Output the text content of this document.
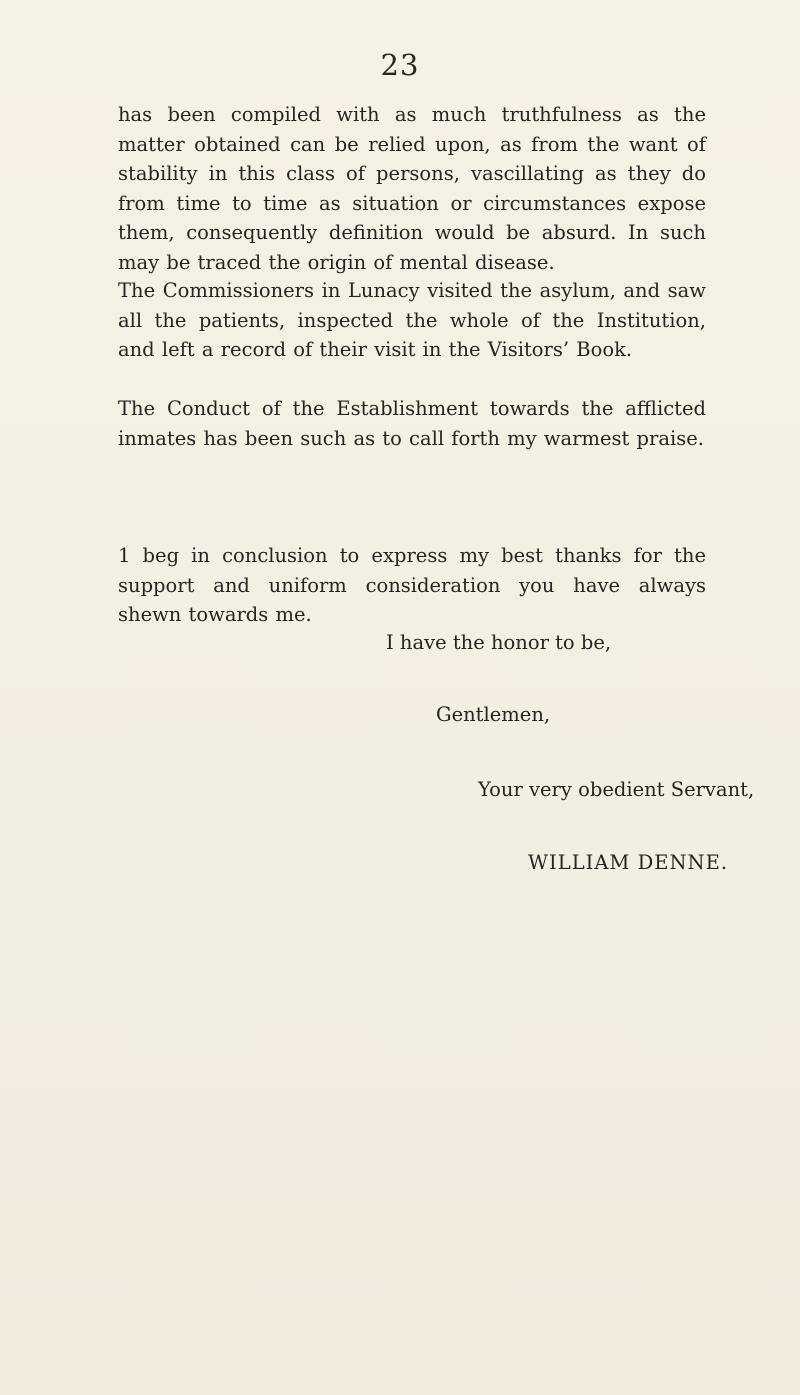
23

has been compiled with as much truthfulness as the matter obtained can be relied upon, as from the want of stability in this class of persons, vascillating as they do from time to time as situation or circumstances expose them, consequently definition would be absurd. In such may be traced the origin of mental disease.

The Commissioners in Lunacy visited the asylum, and saw all the patients, inspected the whole of the Institution, and left a record of their visit in the Visitors’ Book.

The Conduct of the Establishment towards the afflicted inmates has been such as to call forth my warmest praise.

1 beg in conclusion to express my best thanks for the support and uniform consideration you have always shewn towards me.

I have the honor to be,
Gentlemen,
Your very obedient Servant,
WILLIAM DENNE.
